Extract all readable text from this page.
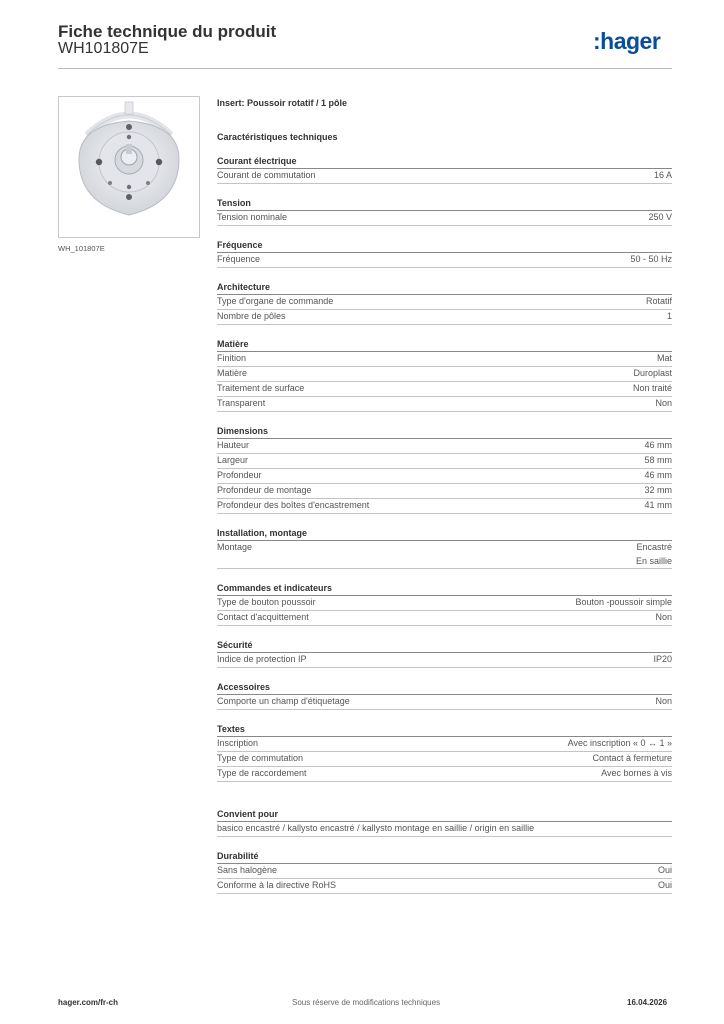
Fiche technique du produit
WH101807E	:hager
WH_101807E
Insert: Poussoir rotatif / 1 pôle
Caractéristiques techniques
Courant électrique
Courant de commutation	16 A
Tension
Tension nominale	250 V
Fréquence
Fréquence	50 - 50 Hz
Architecture
Type d'organe de commande	Rotatif
Nombre de pôles	1
Matière
Finition	Mat
Matière	Duroplast
Traitement de surface	Non traité
Transparent	Non
Dimensions
Hauteur	46 mm
Largeur	58 mm
Profondeur	46 mm
Profondeur de montage	32 mm
Profondeur des boîtes d'encastrement	41 mm
Installation, montage
Montage	Encastré
En saillie
Commandes et indicateurs
Type de bouton poussoir	Bouton -poussoir simple
Contact d'acquittement	Non
Sécurité
Indice de protection IP	IP20
Accessoires
Comporte un champ d'étiquetage	Non
Textes
Inscription	Avec inscription « 0 ↔ 1 »
Type de commutation	Contact à fermeture
Type de raccordement	Avec bornes à vis
Convient pour
basico encastré / kallysto encastré / kallysto montage en saillie / origin en saillie
Durabilité
Sans halogène	Oui
Conforme à la directive RoHS	Oui
hager.com/fr-ch	Sous réserve de modifications techniques	16.04.2026
